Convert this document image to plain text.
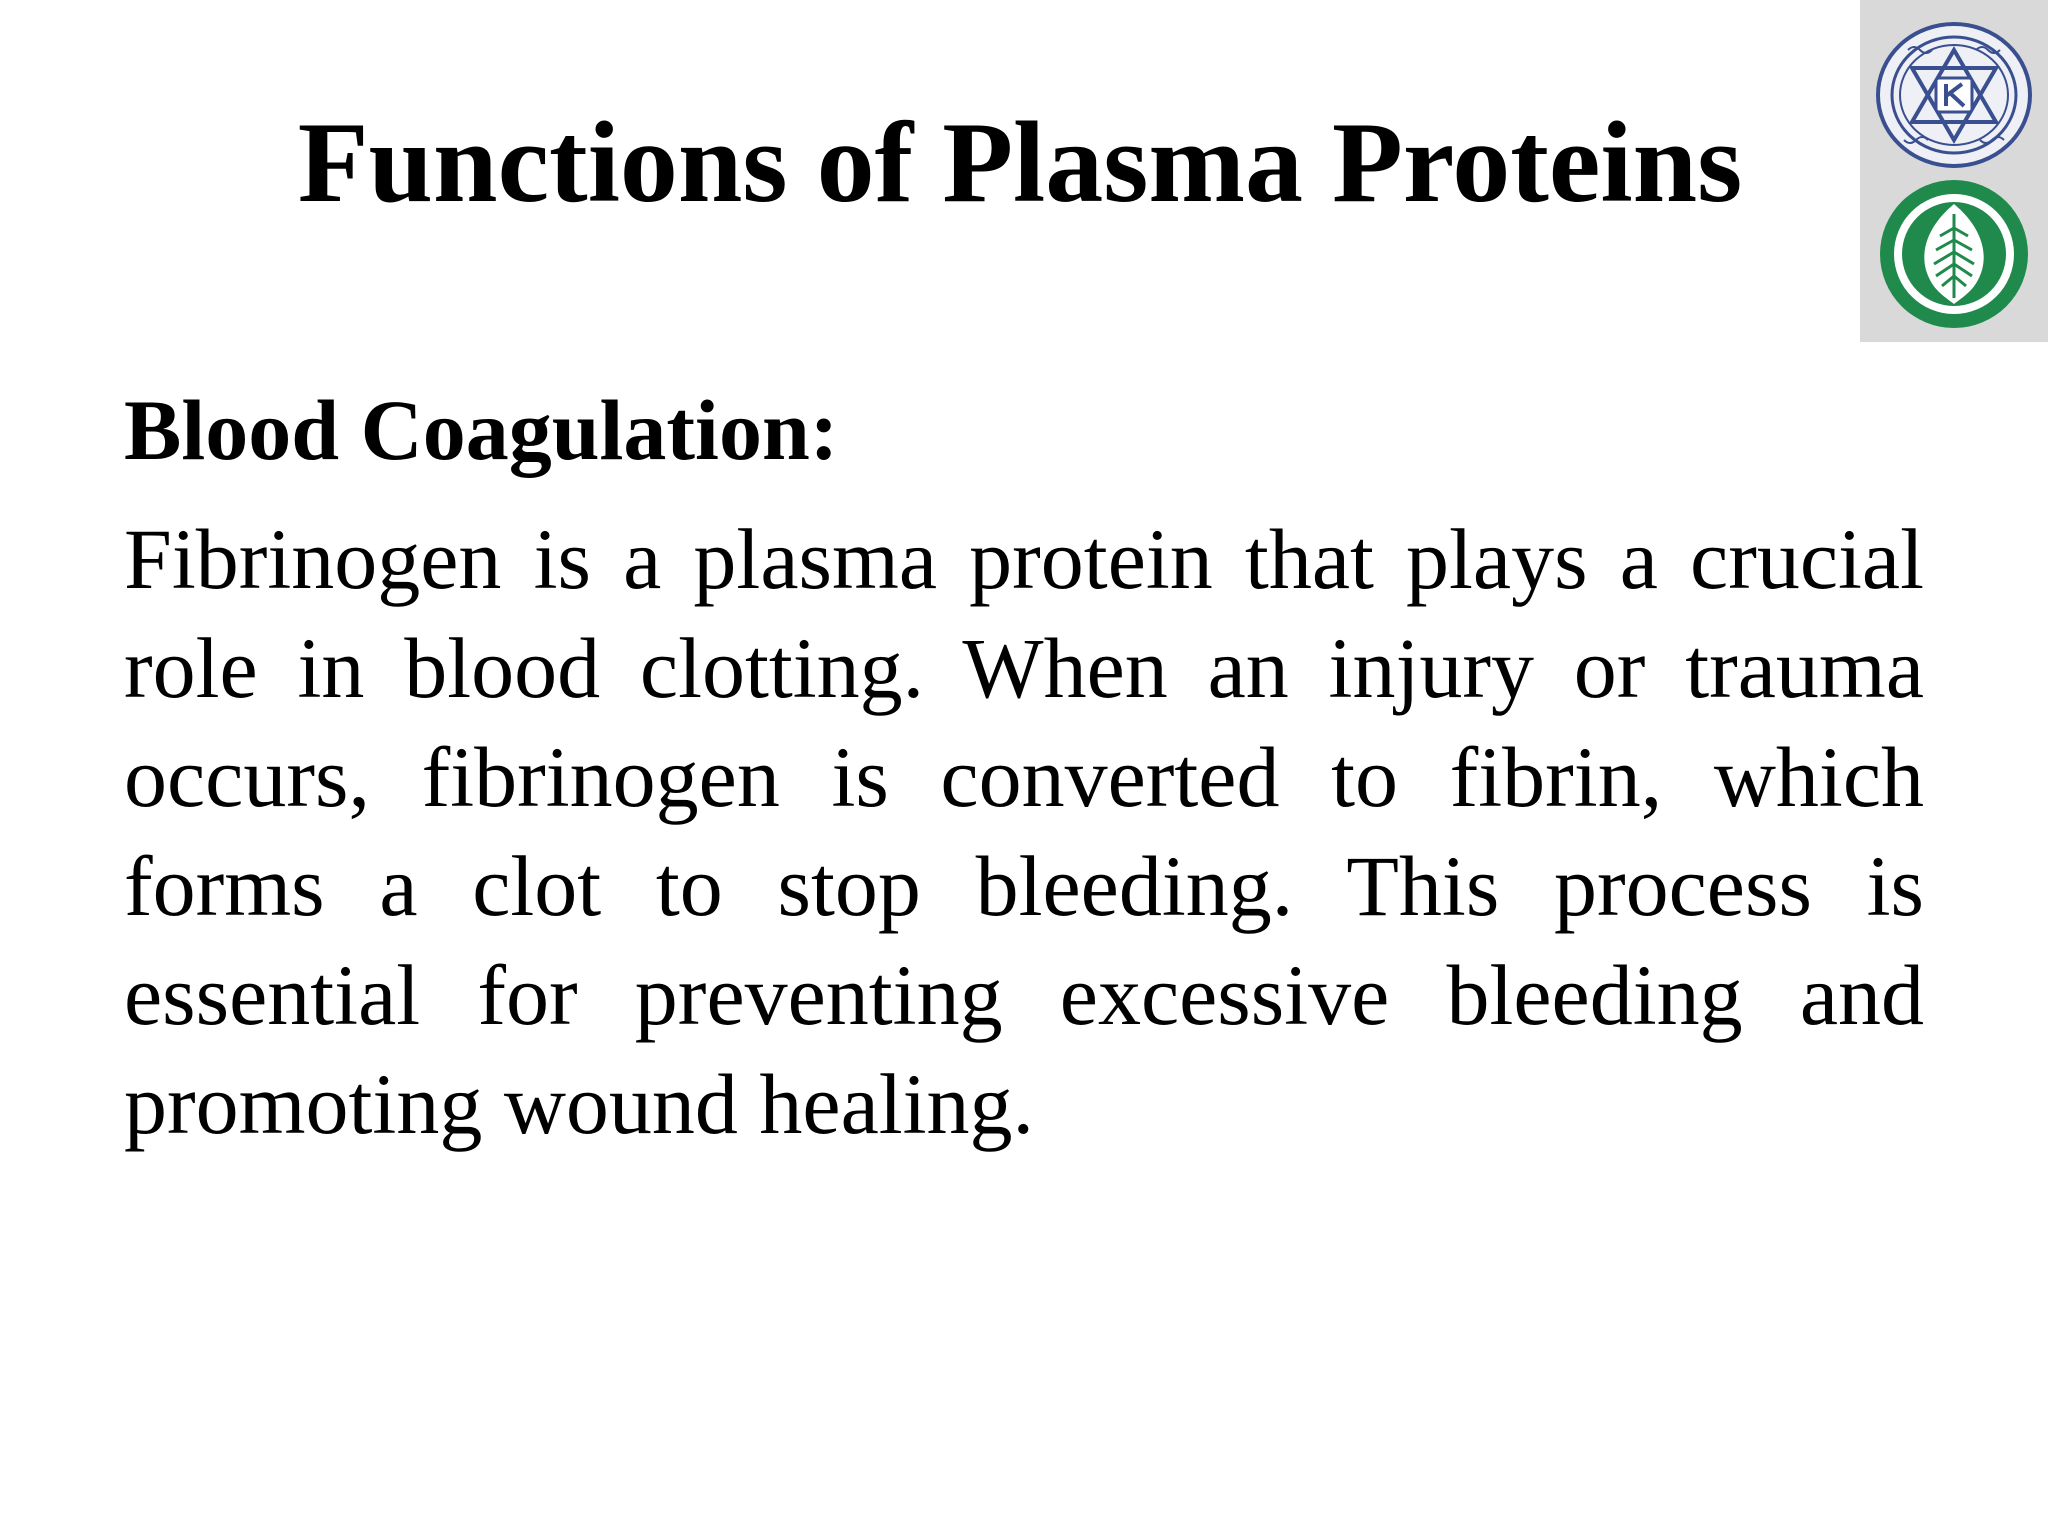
Functions of Plasma Proteins
Blood Coagulation:

Fibrinogen is a plasma protein that plays a crucial role in blood clotting. When an injury or trauma occurs, fibrinogen is converted to fibrin, which forms a clot to stop bleeding. This process is essential for preventing excessive bleeding and promoting wound healing.
